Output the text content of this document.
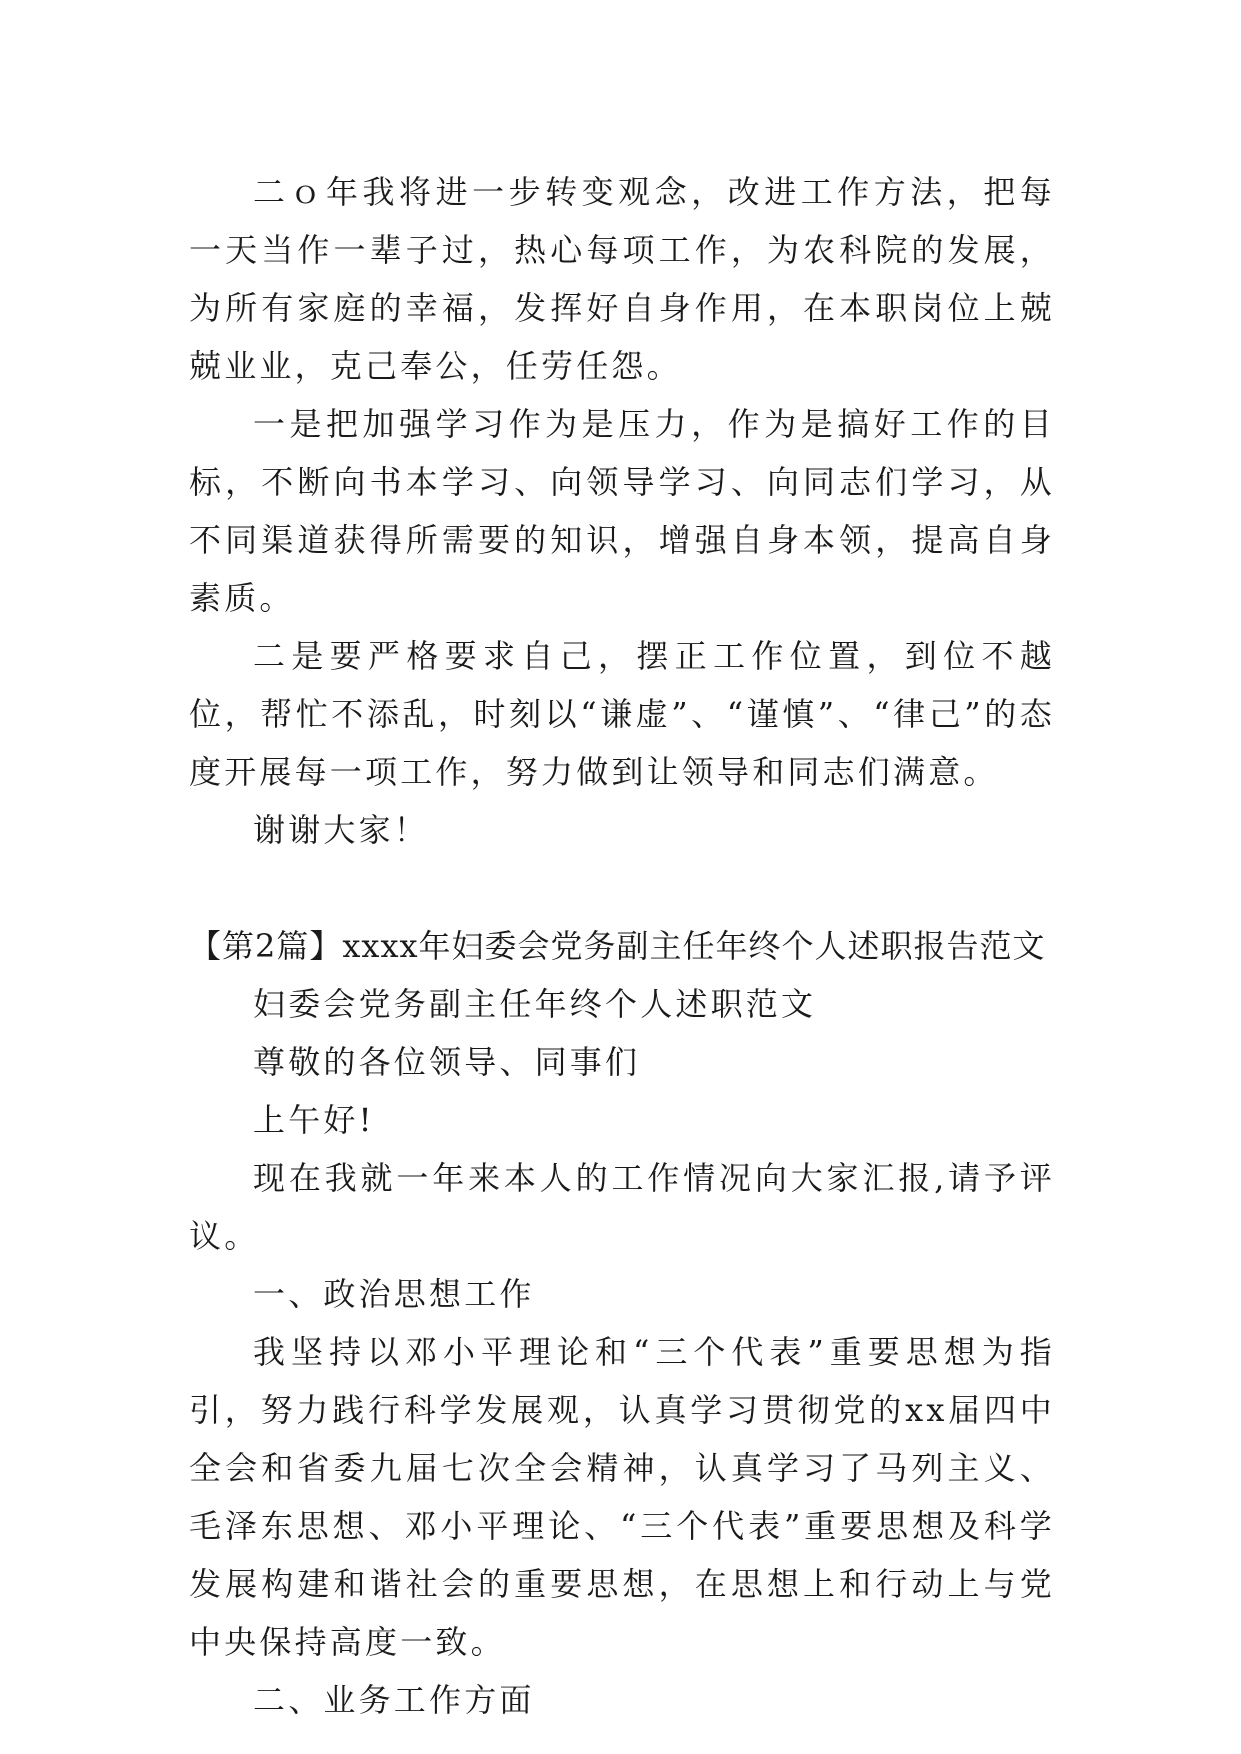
二ｏ年我将进一步转变观念，改进工作方法，把每一天当作一辈子过，热心每项工作，为农科院的发展，为所有家庭的幸福，发挥好自身作用，在本职岗位上兢兢业业，克己奉公，任劳任怨。

一是把加强学习作为是压力，作为是搞好工作的目标，不断向书本学习、向领导学习、向同志们学习，从不同渠道获得所需要的知识，增强自身本领，提高自身素质。

二是要严格要求自己，摆正工作位置，到位不越位，帮忙不添乱，时刻以“谦虚”、“谨慎”、“律己”的态度开展每一项工作，努力做到让领导和同志们满意。

谢谢大家！

【第2篇】xxxx年妇委会党务副主任年终个人述职报告范文

妇委会党务副主任年终个人述职范文

尊敬的各位领导、同事们

上午好!

现在我就一年来本人的工作情况向大家汇报,请予评议。

一、政治思想工作

我坚持以邓小平理论和“三个代表”重要思想为指引，努力践行科学发展观，认真学习贯彻党的xx届四中全会和省委九届七次全会精神，认真学习了马列主义、毛泽东思想、邓小平理论、“三个代表”重要思想及科学发展构建和谐社会的重要思想，在思想上和行动上与党中央保持高度一致。

二、业务工作方面
